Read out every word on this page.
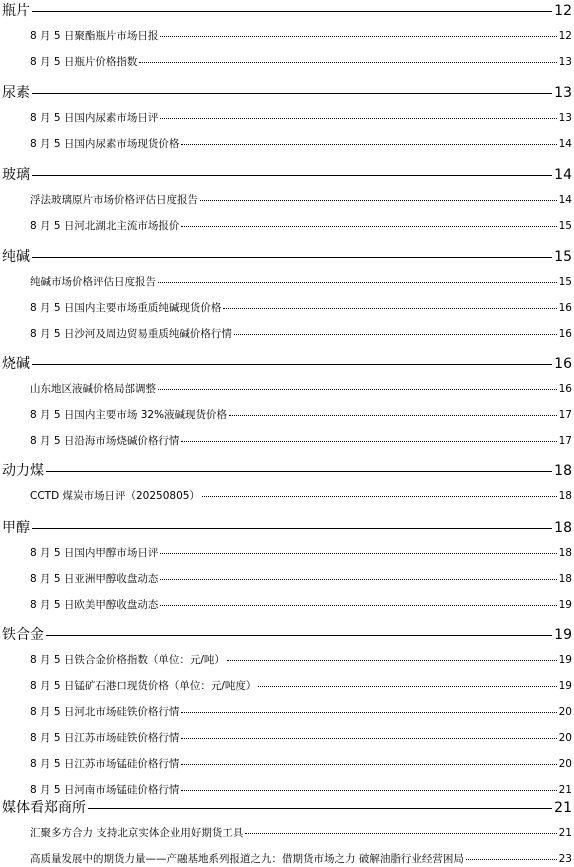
瓶片	12
8 月 5 日聚酯瓶片市场日报	12
8 月 5 日瓶片价格指数	13
尿素	13
8 月 5 日国内尿素市场日评	13
8 月 5 日国内尿素市场现货价格	14
玻璃	14
浮法玻璃原片市场价格评估日度报告	14
8 月 5 日河北湖北主流市场报价	15
纯碱	15
纯碱市场价格评估日度报告	15
8 月 5 日国内主要市场重质纯碱现货价格	16
8 月 5 日沙河及周边贸易重质纯碱价格行情	16
烧碱	16
山东地区液碱价格局部调整	16
8 月 5 日国内主要市场 32%液碱现货价格	17
8 月 5 日沿海市场烧碱价格行情	17
动力煤	18
CCTD 煤炭市场日评（20250805）	18
甲醇	18
8 月 5 日国内甲醇市场日评	18
8 月 5 日亚洲甲醇收盘动态	18
8 月 5 日欧美甲醇收盘动态	19
铁合金	19
8 月 5 日铁合金价格指数（单位：元/吨）	19
8 月 5 日锰矿石港口现货价格（单位：元/吨度）	19
8 月 5 日河北市场硅铁价格行情	20
8 月 5 日江苏市场硅铁价格行情	20
8 月 5 日江苏市场锰硅价格行情	20
8 月 5 日河南市场锰硅价格行情	21
媒体看郑商所	21
汇聚多方合力 支持北京实体企业用好期货工具	21
高质量发展中的期货力量——产融基地系列报道之九：借期货市场之力 破解油脂行业经营困局	23
